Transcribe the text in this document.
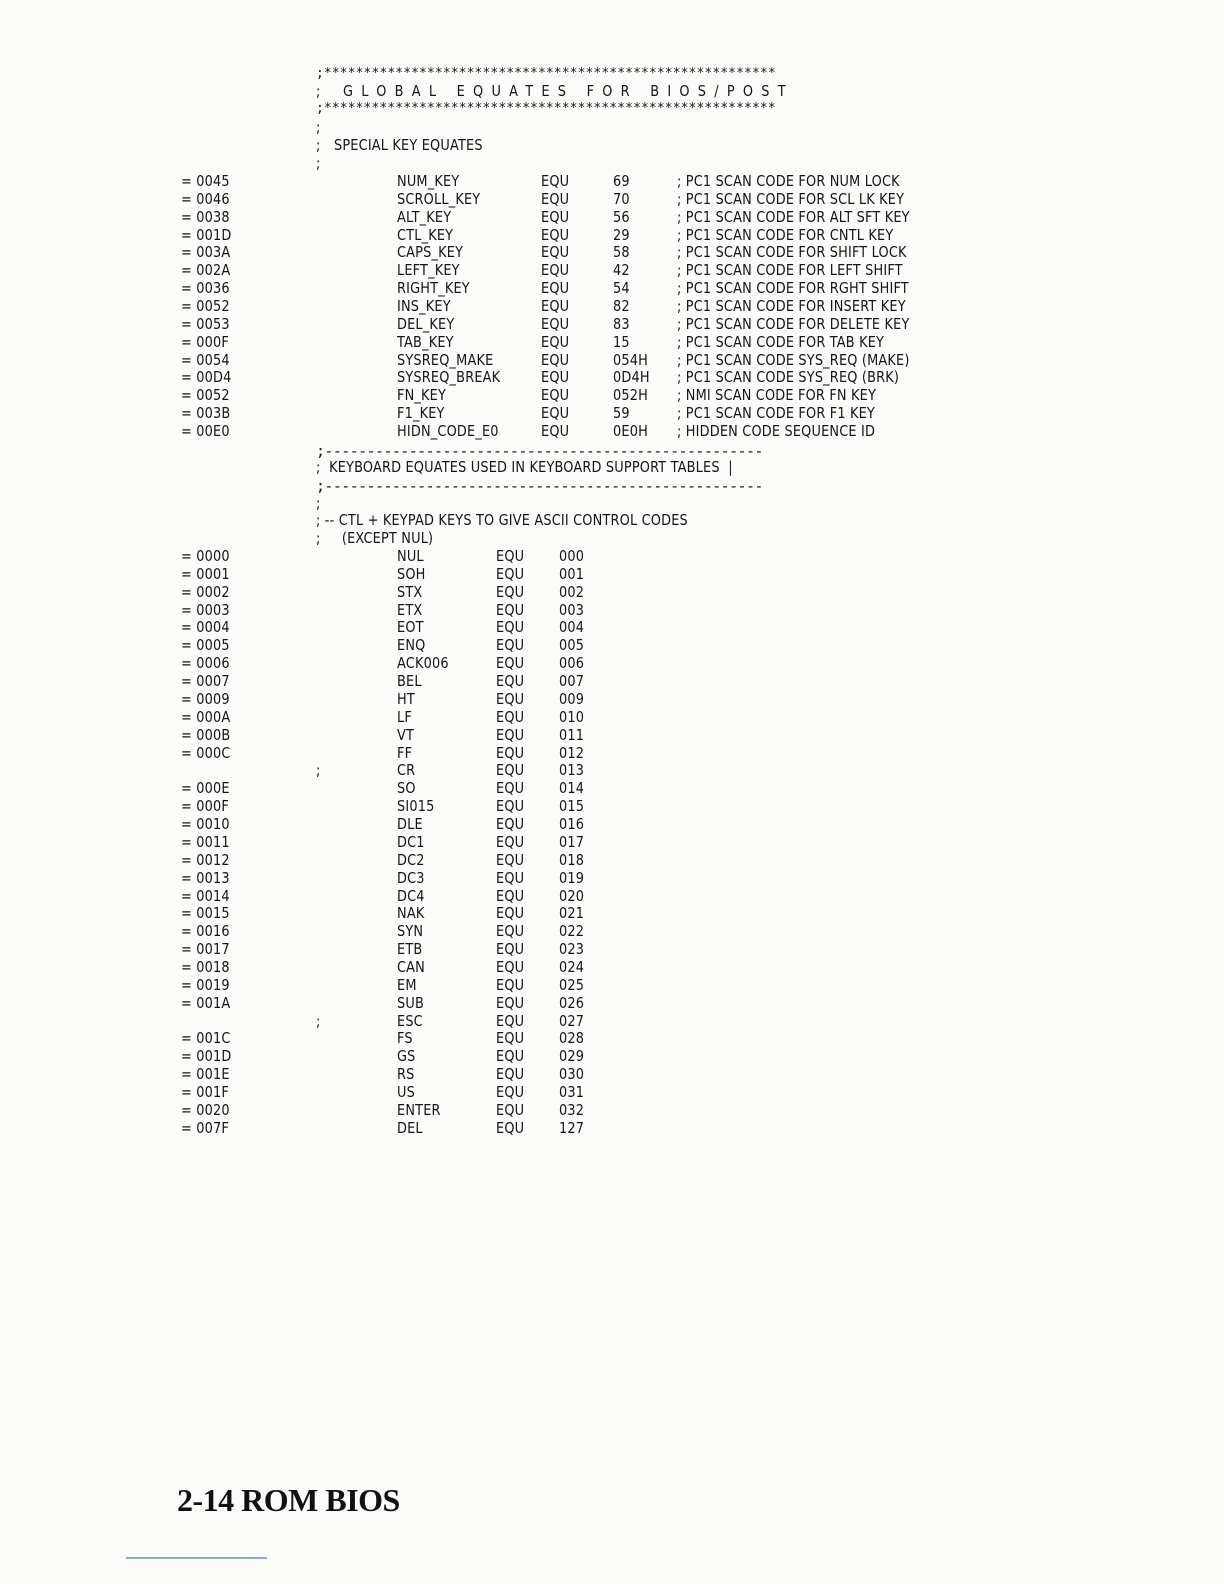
;*********************************************************
; GLOBAL EQUATES FOR BIOS/POST
;*********************************************************
;
; SPECIAL KEY EQUATES
;
= 0045	NUM_KEY	EQU	69	; PC1 SCAN CODE FOR NUM LOCK
= 0046	SCROLL_KEY	EQU	70	; PC1 SCAN CODE FOR SCL LK KEY
= 0038	ALT_KEY	EQU	56	; PC1 SCAN CODE FOR ALT SFT KEY
= 001D	CTL_KEY	EQU	29	; PC1 SCAN CODE FOR CNTL KEY
= 003A	CAPS_KEY	EQU	58	; PC1 SCAN CODE FOR SHIFT LOCK
= 002A	LEFT_KEY	EQU	42	; PC1 SCAN CODE FOR LEFT SHIFT
= 0036	RIGHT_KEY	EQU	54	; PC1 SCAN CODE FOR RGHT SHIFT
= 0052	INS_KEY	EQU	82	; PC1 SCAN CODE FOR INSERT KEY
= 0053	DEL_KEY	EQU	83	; PC1 SCAN CODE FOR DELETE KEY
= 000F	TAB_KEY	EQU	15	; PC1 SCAN CODE FOR TAB KEY
= 0054	SYSREQ_MAKE	EQU	054H ; PC1 SCAN CODE SYS_REQ (MAKE)
= 00D4	SYSREQ_BREAK	EQU	0D4H ; PC1 SCAN CODE SYS_REQ (BRK)
= 0052	FN_KEY	EQU	052H ; NMI SCAN CODE FOR FN KEY
= 003B	F1_KEY	EQU	59	; PC1 SCAN CODE FOR F1 KEY
= 00E0	HIDN_CODE_E0	EQU	0E0H ; HIDDEN CODE SEQUENCE ID
;----------------------------------------------------
;  KEYBOARD EQUATES USED IN KEYBOARD SUPPORT TABLES  |
;----------------------------------------------------
;
; -- CTL + KEYPAD KEYS TO GIVE ASCII CONTROL CODES
;     (EXCEPT NUL)
= 0000	NUL	EQU 000
= 0001	SOH	EQU 001
= 0002	STX	EQU 002
= 0003	ETX	EQU 003
= 0004	EOT	EQU 004
= 0005	ENQ	EQU 005
= 0006	ACK006	EQU 006
= 0007	BEL	EQU 007
= 0009	HT	EQU 009
= 000A	LF	EQU 010
= 000B	VT	EQU 011
= 000C	FF	EQU 012
;	CR	EQU 013
= 000E	SO	EQU 014
= 000F	SI015	EQU 015
= 0010	DLE	EQU 016
= 0011	DC1	EQU 017
= 0012	DC2	EQU 018
= 0013	DC3	EQU 019
= 0014	DC4	EQU 020
= 0015	NAK	EQU 021
= 0016	SYN	EQU 022
= 0017	ETB	EQU 023
= 0018	CAN	EQU 024
= 0019	EM	EQU 025
= 001A	SUB	EQU 026
;	ESC	EQU 027
= 001C	FS	EQU 028
= 001D	GS	EQU 029
= 001E	RS	EQU 030
= 001F	US	EQU 031
= 0020	ENTER	EQU 032
= 007F	DEL	EQU 127
2-14 ROM BIOS
